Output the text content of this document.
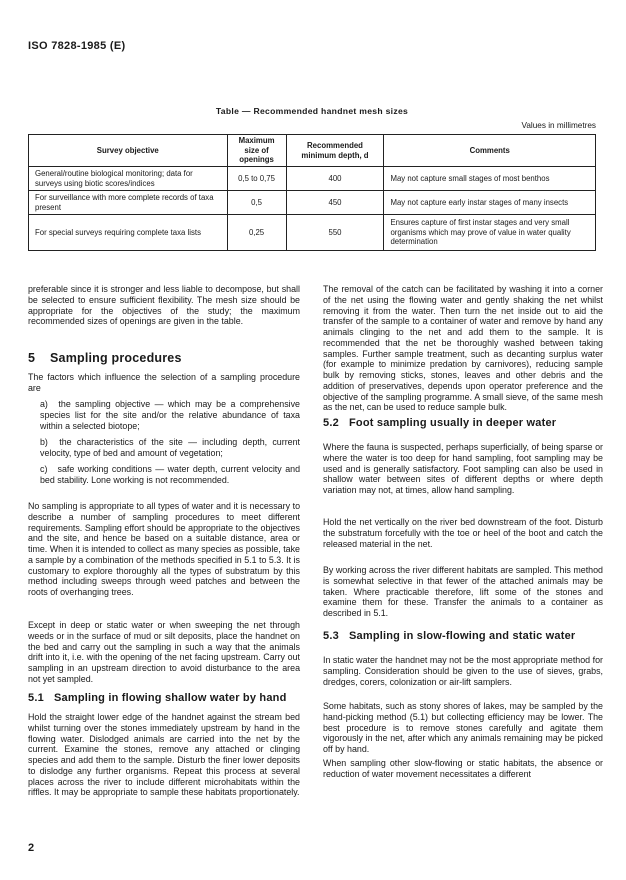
ISO 7828-1985 (E)
Table — Recommended handnet mesh sizes
Values in millimetres
Survey objective	Maximum size of openings	Recommended minimum depth, d	Comments
General/routine biological monitoring; data for surveys using biotic scores/indices	0,5 to 0,75	400	May not capture small stages of most benthos
For surveillance with more complete records of taxa present	0,5	450	May not capture early instar stages of many insects
For special surveys requiring complete taxa lists	0,25	550	Ensures capture of first instar stages and very small organisms which may prove of value in water quality determination
preferable since it is stronger and less liable to decompose, but shall be selected to ensure sufficient flexibility. The mesh size should be appropriate for the objectives of the study; the maximum recommended sizes of openings are given in the table.
5 Sampling procedures
The factors which influence the selection of a sampling procedure are
a) the sampling objective — which may be a comprehensive species list for the site and/or the relative abundance of taxa within a selected biotope;
b) the characteristics of the site — including depth, current velocity, type of bed and amount of vegetation;
c) safe working conditions — water depth, current velocity and bed stability. Lone working is not recommended.
No sampling is appropriate to all types of water and it is necessary to describe a number of sampling procedures to meet different requirements. Sampling effort should be appropriate to the objectives and the site, and hence be based on a suitable distance, area or time. When it is intended to collect as many species as possible, take a sample by a combination of the methods specified in 5.1 to 5.3. It is customary to explore thoroughly all the types of substratum by this method including sweeps through weed patches and between the roots of overhanging trees.
Except in deep or static water or when sweeping the net through weeds or in the surface of mud or silt deposits, place the handnet on the bed and carry out the sampling in such a way that the animals drift into it, i.e. with the opening of the net facing upstream. Carry out sampling in an upstream direction to avoid disturbance to the area not yet sampled.
5.1 Sampling in flowing shallow water by hand
Hold the straight lower edge of the handnet against the stream bed whilst turning over the stones immediately upstream by hand in the flowing water. Dislodged animals are carried into the net by the current. Examine the stones, remove any attached or clinging species and add them to the sample. Disturb the finer lower deposits to dislodge any further organisms. Repeat this process at several places across the river to include different microhabitats within the riffles. It may be appropriate to sample these habitats proportionately.
The removal of the catch can be facilitated by washing it into a corner of the net using the flowing water and gently shaking the net whilst removing it from the water. Then turn the net inside out to aid the transfer of the sample to a container of water and remove by hand any animals clinging to the net and add them to the sample. It is recommended that the net be thoroughly washed between taking samples. Further sample treatment, such as decanting surplus water (for example to minimize predation by carnivores), reducing sample bulk by removing sticks, stones, leaves and other debris and the addition of preservatives, depends upon operator preference and the objective of the sampling programme. A small sieve, of the same mesh as the net, can be used to reduce sample bulk.
5.2 Foot sampling usually in deeper water
Where the fauna is suspected, perhaps superficially, of being sparse or where the water is too deep for hand sampling, foot sampling may be used and is generally satisfactory. Foot sampling can also be used in shallow water between sites of different depths or where depth variation may not, at times, allow hand sampling.
Hold the net vertically on the river bed downstream of the foot. Disturb the substratum forcefully with the toe or heel of the boot and catch the released material in the net.
By working across the river different habitats are sampled. This method is somewhat selective in that fewer of the attached animals may be taken. Where practicable therefore, lift some of the stones and examine them for these. Transfer the animals to a container as described in 5.1.
5.3 Sampling in slow-flowing and static water
In static water the handnet may not be the most appropriate method for sampling. Consideration should be given to the use of sieves, grabs, dredges, corers, colonization or air-lift samplers.
Some habitats, such as stony shores of lakes, may be sampled by the hand-picking method (5.1) but collecting efficiency may be lower. The best procedure is to remove stones carefully and agitate them vigorously in the net, after which any animals remaining may be picked off by hand.
When sampling other slow-flowing or static habitats, the absence or reduction of water movement necessitates a different
2
